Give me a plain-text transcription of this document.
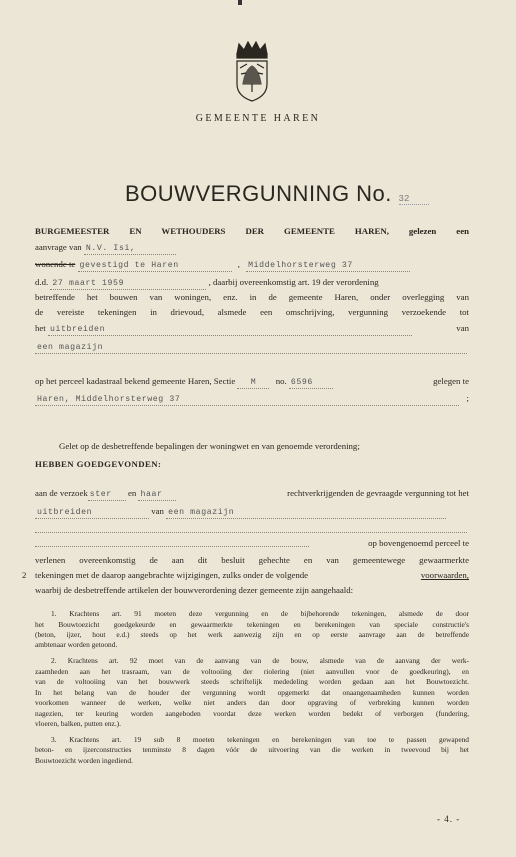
GEMEENTE HAREN
BOUWVERGUNNING No. 32
BURGEMEESTER EN WETHOUDERS DER GEMEENTE HAREN, gelezen een
aanvrage van N.V. Isi,
wonende te gevestigd te Haren	, Middelhorsterweg 37
d.d. 27 maart 1959	, daarbij overeenkomstig art. 19 der verordening
betreffende het bouwen van woningen, enz. in de gemeente Haren, onder overlegging van
de vereiste tekeningen in drievoud, alsmede een omschrijving, vergunning verzoekende tot
het uitbreiden	van
een magazijn
op het perceel kadastraal bekend gemeente Haren, Sectie M no. 6596	gelegen te
Haren, Middelhorsterweg 37	;
Gelet op de desbetreffende bepalingen der woningwet en van genoemde verordening;
HEBBEN GOEDGEVONDEN:
aan de verzoek ster en haar	rechtverkrijgenden de gevraagde vergunning tot het
uitbreiden	van een magazijn
op bovengenoemd perceel te
verlenen overeenkomstig de aan dit besluit gehechte en van gemeentewege gewaarmerkte
2 tekeningen met de daarop aangebrachte wijzigingen, zulks onder de volgende	voorwaarden,
waarbij de desbetreffende artikelen der bouwverordening dezer gemeente zijn aangehaald:
1. Krachtens art. 91 moeten deze vergunning en de bijbehorende tekeningen, alsmede de door
het Bouwtoezicht goedgekeurde en gewaarmerkte tekeningen en berekeningen van speciale constructie's
(beton, ijzer, hout e.d.) steeds op het werk aanwezig zijn en op eerste aanvrage aan de betreffende
ambtenaar worden getoond.
2. Krachtens art. 92 moet van de aanvang van de bouw, alsmede van de aanvang der werk-
zaamheden aan het trasraam, van de voltooiing der riolering (niet aanvullen voor de goedkeuring), en
van de voltooiing van het bouwwerk steeds schriftelijk mededeling worden gedaan aan het Bouwtoezicht.
In het belang van de houder der vergunning wordt opgemerkt dat onaangenaamheden kunnen worden
voorkomen wanneer de werken, welke niet anders dan door opgraving of verbreking kunnen worden
nagezien, ter keuring worden aangeboden voordat deze werken worden bedekt of verborgen (fundering,
vloeren, balken, putten enz.).
3. Krachtens art. 19 sub 8 moeten tekeningen en berekeningen van toe te passen gewapend
beton- en ijzerconstructies tenminste 8 dagen vóór de uitvoering van die werken in tweevoud bij het
Bouwtoezicht worden ingediend.
- 4. -
